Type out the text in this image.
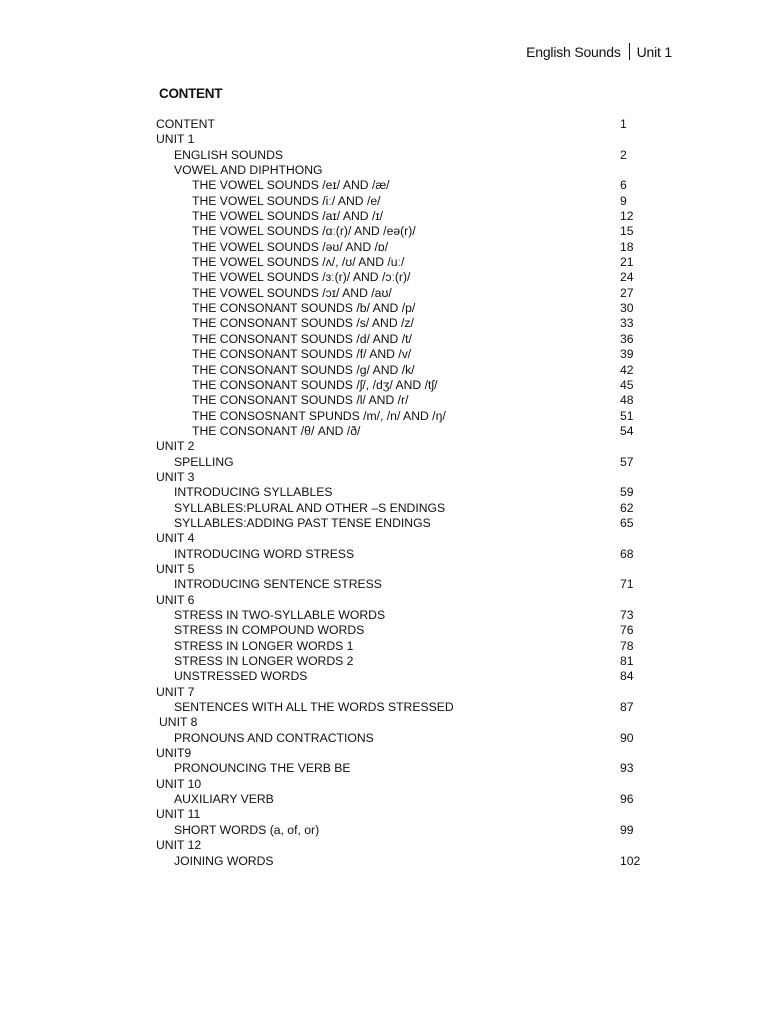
English Sounds Unit 1
CONTENT
CONTENT	1
UNIT 1
ENGLISH SOUNDS	2
VOWEL AND DIPHTHONG
THE VOWEL SOUNDS /eɪ/ AND /æ/	6
THE VOWEL SOUNDS /iː/ AND /e/	9
THE VOWEL SOUNDS /aɪ/ AND /ɪ/	12
THE VOWEL SOUNDS /ɑː(r)/ AND /eə(r)/	15
THE VOWEL SOUNDS /əʊ/ AND /ɒ/	18
THE VOWEL SOUNDS /ʌ/, /ʊ/ AND /uː/	21
THE VOWEL SOUNDS /ɜː(r)/ AND /ɔː(r)/	24
THE VOWEL SOUNDS /ɔɪ/ AND /aʊ/	27
THE CONSONANT SOUNDS /b/ AND /p/	30
THE CONSONANT SOUNDS /s/ AND /z/	33
THE CONSONANT SOUNDS /d/ AND /t/	36
THE CONSONANT SOUNDS /f/ AND /v/	39
THE CONSONANT SOUNDS /g/ AND /k/	42
THE CONSONANT SOUNDS /ʃ/, /dʒ/ AND /tʃ/	45
THE CONSONANT SOUNDS /l/ AND /r/	48
THE CONSOSNANT SPUNDS /m/, /n/ AND /ŋ/	51
THE CONSONANT /θ/ AND /ð/	54
UNIT 2
SPELLING	57
UNIT 3
INTRODUCING SYLLABLES	59
SYLLABLES:PLURAL AND OTHER –S ENDINGS	62
SYLLABLES:ADDING PAST TENSE ENDINGS	65
UNIT 4
INTRODUCING WORD STRESS	68
UNIT 5
INTRODUCING SENTENCE STRESS	71
UNIT 6
STRESS IN TWO-SYLLABLE WORDS	73
STRESS IN COMPOUND WORDS	76
STRESS IN LONGER WORDS 1	78
STRESS IN LONGER WORDS 2	81
UNSTRESSED WORDS	84
UNIT 7
SENTENCES WITH ALL THE WORDS STRESSED	87
UNIT 8
PRONOUNS AND CONTRACTIONS	90
UNIT9
PRONOUNCING THE VERB BE	93
UNIT 10
AUXILIARY VERB	96
UNIT 11
SHORT WORDS (a, of, or)	99
UNIT 12
JOINING WORDS	102
